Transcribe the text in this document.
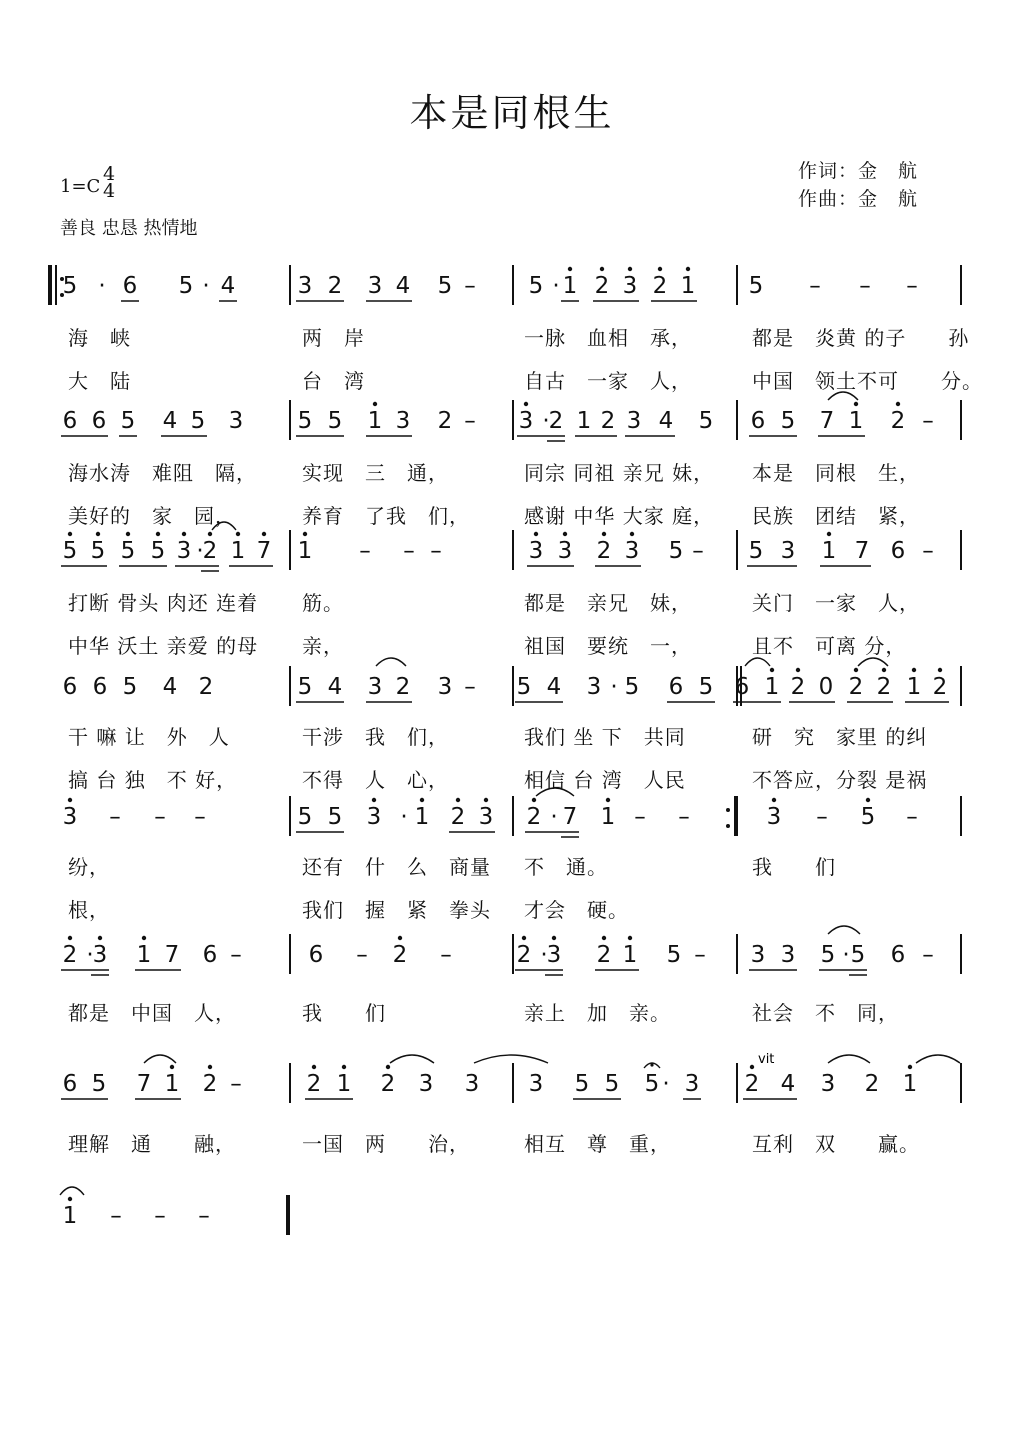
本是同根生
作词：金　航
作曲：金　航
1=C
4
4
善良 忠恳 热情地
5 · 6 5 · 4	3 2 3 4 5 – 5 · 1 2 3 2 1 5 – – –
海　峡	两　岸	一脉　血相　承，	都是　炎黄 的子　　孙
大　陆	台　湾	自古　一家　人，	中国　领土不可　　分。
6 6 5 4 5 3 5 5 1 3 2 – 3 · 2 1 2 3 4 5 6 5 7 1 2 –
海水涛　难阻　隔， 实现　三　通，	同宗 同祖 亲兄 妹， 本是　同根　生，
美好的　家　园，	养育　了我　们，	感谢 中华 大家 庭， 民族　团结　紧，
5 5 5 5 3 · 2 1 7 1 – – –	3 3 2 3 5 – 5 3 1 7 6 –
打断 骨头 肉还 连着 筋。	都是　亲兄　妹，	关门　一家　人，
中华 沃土 亲爱 的母 亲，	祖国　要统　一，	且不　可离 分，
6 6 5 4 2	5 4 3 2 3 – 5 4 3 · 5 6 5 6 1 2 0 2 2 1 2
干 嘛 让　外　人	干涉　我　们，	我们 坐 下　共同	研　究　家里 的纠
搞 台 独　不 好，	不得　人　心，	相信 台 湾　人民	不答应，分裂 是祸
3 – – –	5 5 3 · 1 2 3 2 · 7 1 – –	3 – 5 –
纷，	还有　什　么　商量 不　通。	我　　们
根，	我们　握　紧　拳头 才会　硬。
2 · 3 1 7 6 –	6 – 2 –	2 · 3 2 1 5 – 3 3 5 · 5 6 –
都是　中国　人，	我　　们	亲上　加　亲。	社会　不　同，
6 5 7 1 2 –	2 1 2 3 3 3 5 5 5 · 3 2 4 3 2 1
理解　通　　融，	一国　两　　治，	相互　尊　重，	互利　双　　赢。
1 – – –
vit
